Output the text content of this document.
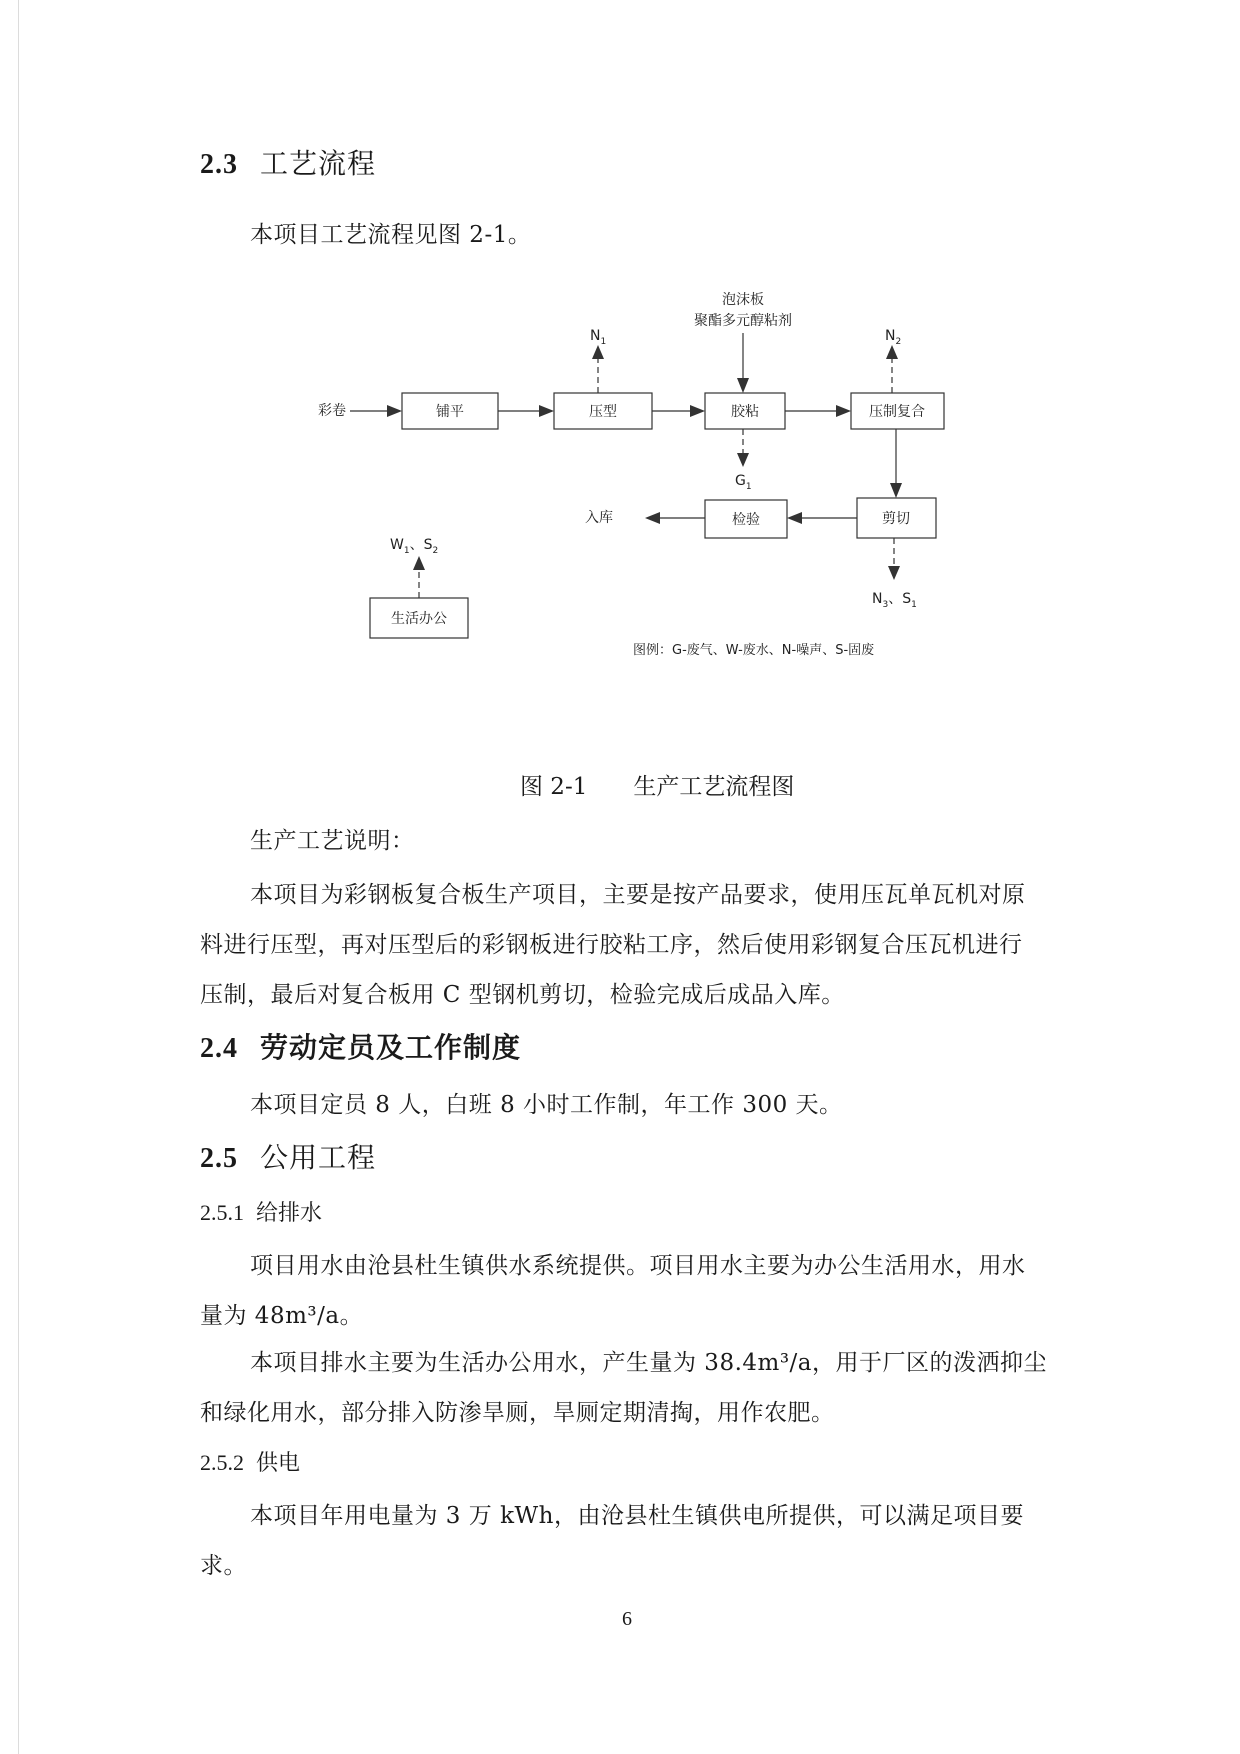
2.3 工艺流程
本项目工艺流程见图 2-1。
泡沫板
聚酯多元醇粘剂
彩卷	铺平	压型	胶粘	压制复合
剪切
检验
入库
生活办公
$N_1$	$N_2$
$G_1$
$N_3$、$S_1$
$W_1$、$S_2$
图例：G-废气、W-废水、N-噪声、S-固废
图 2-1 生产工艺流程图
生产工艺说明：
本项目为彩钢板复合板生产项目，主要是按产品要求，使用压瓦单瓦机对原
料进行压型，再对压型后的彩钢板进行胶粘工序，然后使用彩钢复合压瓦机进行
压制，最后对复合板用 C 型钢机剪切，检验完成后成品入库。
2.4 劳动定员及工作制度
本项目定员 8 人，白班 8 小时工作制，年工作 300 天。
2.5 公用工程
2.5.1 给排水
项目用水由沧县杜生镇供水系统提供。项目用水主要为办公生活用水，用水
量为 48m³/a。
本项目排水主要为生活办公用水，产生量为 38.4m³/a，用于厂区的泼洒抑尘
和绿化用水，部分排入防渗旱厕，旱厕定期清掏，用作农肥。
2.5.2 供电
本项目年用电量为 3 万 kWh，由沧县杜生镇供电所提供，可以满足项目要
求。
6
